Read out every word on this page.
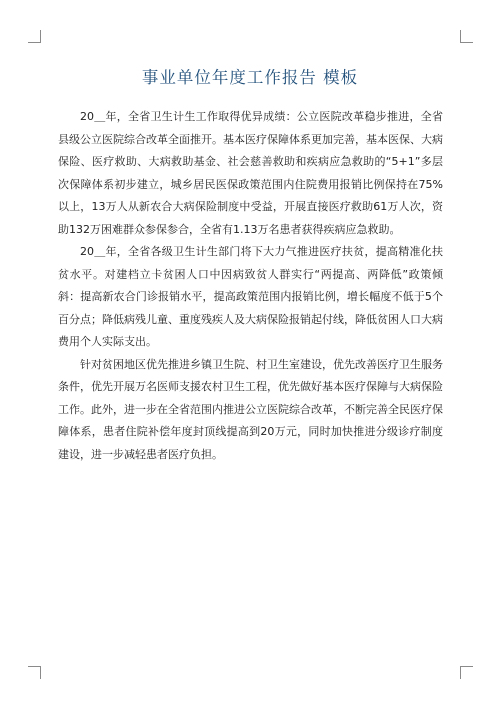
事业单位年度工作报告 模板

20＿年，全省卫生计生工作取得优异成绩：公立医院改革稳步推进，全省县级公立医院综合改革全面推开。基本医疗保障体系更加完善，基本医保、大病保险、医疗救助、大病救助基金、社会慈善救助和疾病应急救助的“5+1”多层次保障体系初步建立，城乡居民医保政策范围内住院费用报销比例保持在75%以上，13万人从新农合大病保险制度中受益，开展直接医疗救助61万人次，资助132万困难群众参保参合，全省有1.13万名患者获得疾病应急救助。

20＿年，全省各级卫生计生部门将下大力气推进医疗扶贫，提高精准化扶贫水平。对建档立卡贫困人口中因病致贫人群实行“两提高、两降低”政策倾斜：提高新农合门诊报销水平，提高政策范围内报销比例，增长幅度不低于5个百分点；降低病残儿童、重度残疾人及大病保险报销起付线，降低贫困人口大病费用个人实际支出。

针对贫困地区优先推进乡镇卫生院、村卫生室建设，优先改善医疗卫生服务条件，优先开展万名医师支援农村卫生工程，优先做好基本医疗保障与大病保险工作。此外，进一步在全省范围内推进公立医院综合改革，不断完善全民医疗保障体系，患者住院补偿年度封顶线提高到20万元，同时加快推进分级诊疗制度建设，进一步减轻患者医疗负担。
